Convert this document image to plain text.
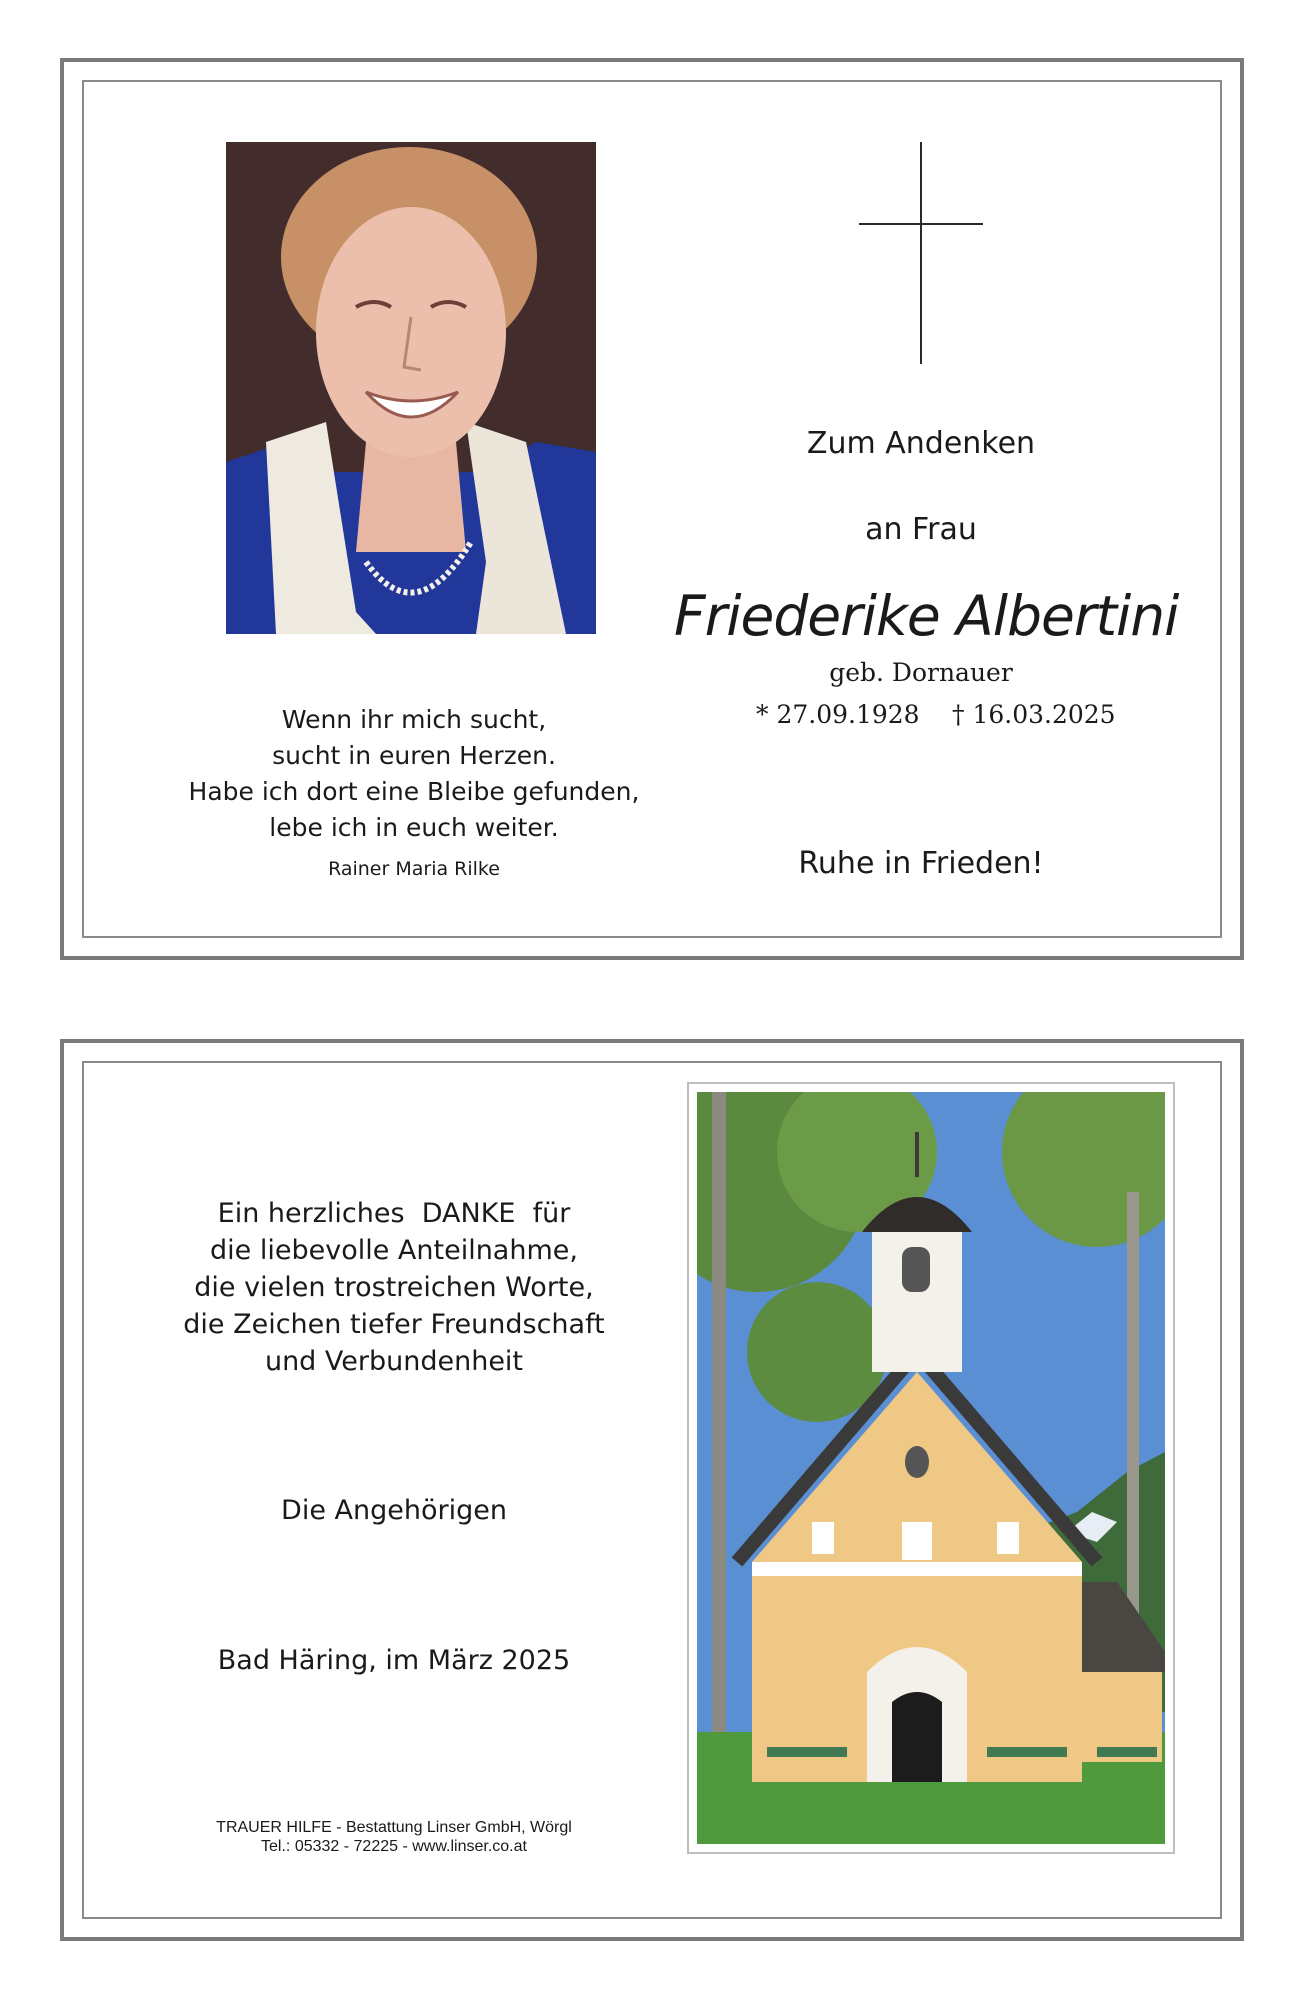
Zum Andenken
an Frau
Friederike Albertini
geb. Dornauer
* 27.09.1928 † 16.03.2025
Ruhe in Frieden!
Wenn ihr mich sucht,
sucht in euren Herzen.
Habe ich dort eine Bleibe gefunden,
lebe ich in euch weiter.
Rainer Maria Rilke
Ein herzliches  DANKE  für
die liebevolle Anteilnahme,
die vielen trostreichen Worte,
die Zeichen tiefer Freundschaft
und Verbundenheit
Die Angehörigen
Bad Häring, im März 2025
TRAUER HILFE - Bestattung Linser GmbH, Wörgl
Tel.: 05332 - 72225 - www.linser.co.at
